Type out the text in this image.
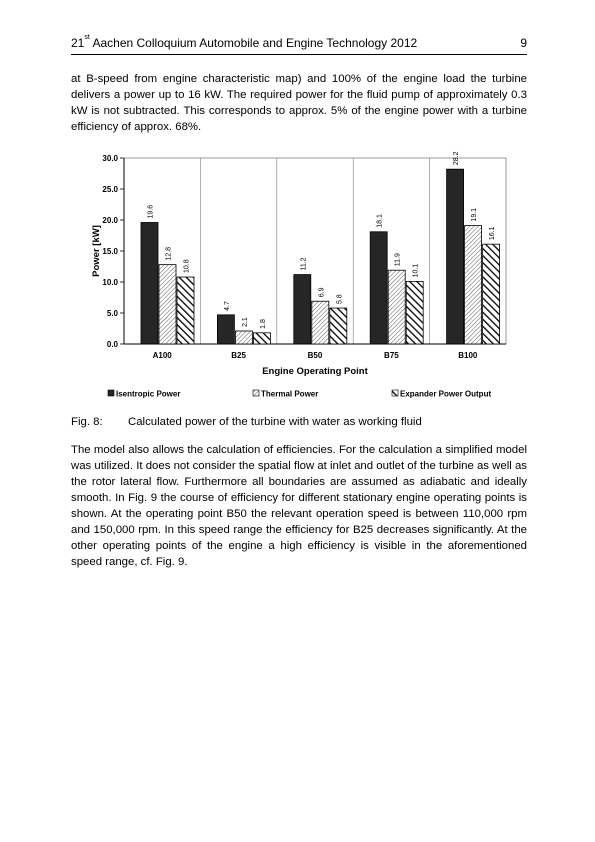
21st Aachen Colloquium Automobile and Engine Technology 2012	9
at B-speed from engine characteristic map) and 100% of the engine load the turbine delivers a power up to 16 kW. The required power for the fluid pump of approximately 0.3 kW is not subtracted. This corresponds to approx. 5% of the engine power with a turbine efficiency of approx. 68%.
0.0
5.0
10.0
15.0
20.0
25.0
30.0
19.6
12.8
10.8
A100
4.7
2.1 1.8
B25
11.2
6.9
5.8
B50
18.1
11.9
10.1
B75
28.2
19.1
16.1
B100
Engine Operating Point
Power [kW]
Isentropic Power	Thermal Power	Expander Power Output
Fig. 8: Calculated power of the turbine with water as working fluid
The model also allows the calculation of efficiencies. For the calculation a simplified model was utilized. It does not consider the spatial flow at inlet and outlet of the turbine as well as the rotor lateral flow. Furthermore all boundaries are assumed as adiabatic and ideally smooth. In Fig. 9 the course of efficiency for different stationary engine operating points is shown. At the operating point B50 the relevant operation speed is between 110,000 rpm and 150,000 rpm. In this speed range the efficiency for B25 decreases significantly. At the other operating points of the engine a high efficiency is visible in the aforementioned speed range, cf. Fig. 9.
